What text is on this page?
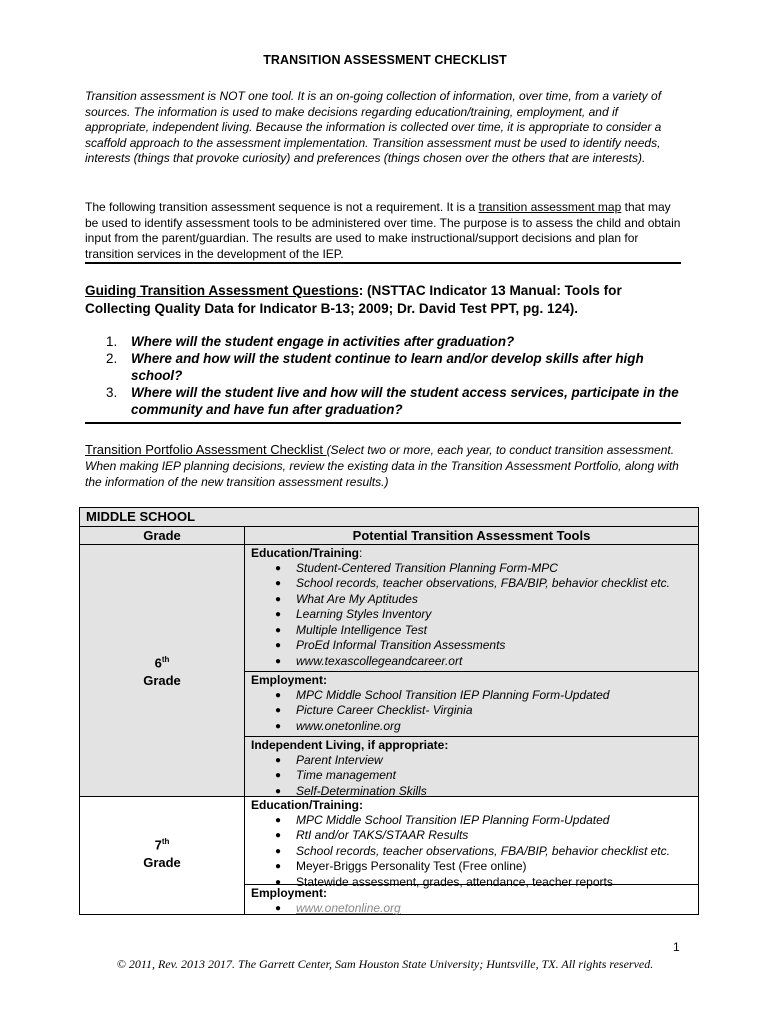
TRANSITION ASSESSMENT CHECKLIST

Transition assessment is NOT one tool. It is an on-going collection of information, over time, from a variety of sources. The information is used to make decisions regarding education/training, employment, and if appropriate, independent living. Because the information is collected over time, it is appropriate to consider a scaffold approach to the assessment implementation. Transition assessment must be used to identify needs, interests (things that provoke curiosity) and preferences (things chosen over the others that are interests).

The following transition assessment sequence is not a requirement. It is a transition assessment map that may be used to identify assessment tools to be administered over time. The purpose is to assess the child and obtain input from the parent/guardian. The results are used to make instructional/support decisions and plan for transition services in the development of the IEP.

Guiding Transition Assessment Questions: (NSTTAC Indicator 13 Manual: Tools for Collecting Quality Data for Indicator B-13; 2009; Dr. David Test PPT, pg. 124).

1. Where will the student engage in activities after graduation?
2. Where and how will the student continue to learn and/or develop skills after high school?
3. Where will the student live and how will the student access services, participate in the community and have fun after graduation?

Transition Portfolio Assessment Checklist (Select two or more, each year, to conduct transition assessment. When making IEP planning decisions, review the existing data in the Transition Assessment Portfolio, along with the information of the new transition assessment results.)

MIDDLE SCHOOL
Grade	Potential Transition Assessment Tools
6th
Grade
Education/Training:
● Student-Centered Transition Planning Form-MPC
● School records, teacher observations, FBA/BIP, behavior checklist etc.
● What Are My Aptitudes
● Learning Styles Inventory
● Multiple Intelligence Test
● ProEd Informal Transition Assessments
● www.texascollegeandcareer.ort
Employment:
● MPC Middle School Transition IEP Planning Form-Updated
● Picture Career Checklist- Virginia
● www.onetonline.org
Independent Living, if appropriate:
● Parent Interview
● Time management
● Self-Determination Skills
7th
Grade
Education/Training:
● MPC Middle School Transition IEP Planning Form-Updated
● RtI and/or TAKS/STAAR Results
● School records, teacher observations, FBA/BIP, behavior checklist etc.
● Meyer-Briggs Personality Test (Free online)
● Statewide assessment, grades, attendance, teacher reports
Employment:
● www.onetonline.org
1
© 2011, Rev. 2013 2017. The Garrett Center, Sam Houston State University; Huntsville, TX. All rights reserved.
